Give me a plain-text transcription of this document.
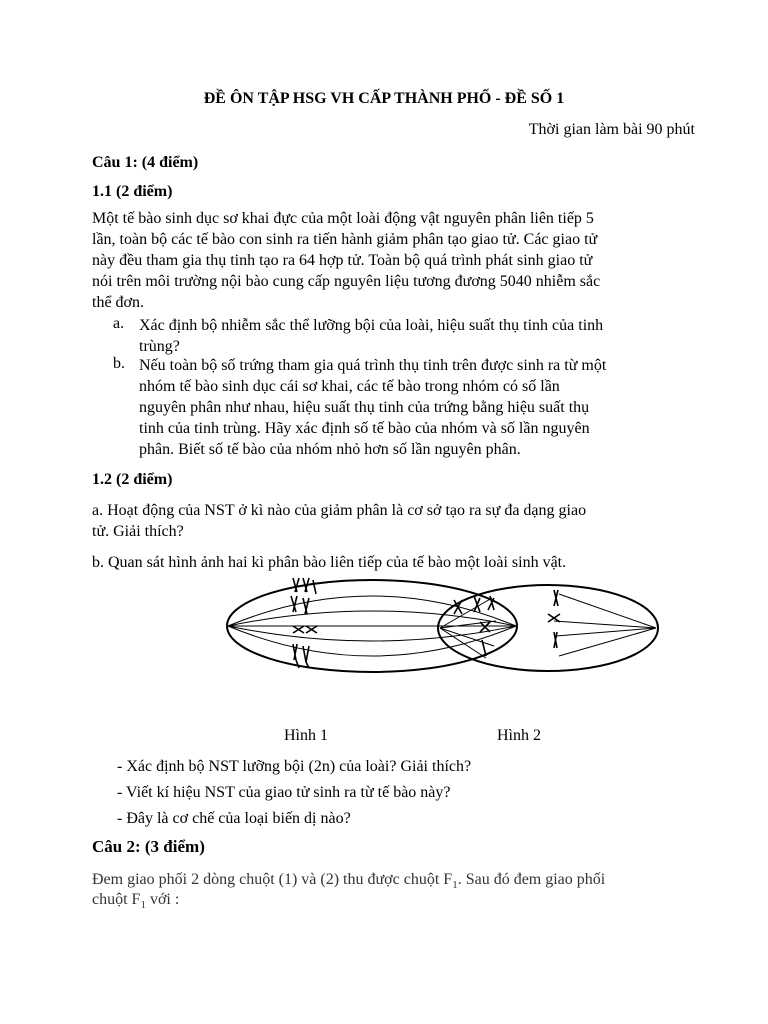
ĐỀ ÔN TẬP HSG VH CẤP THÀNH PHỐ - ĐỀ SỐ 1
Thời gian làm bài 90 phút
Câu 1: (4 điểm)
1.1 (2 điểm)
Một tế bào sinh dục sơ khai đực của một loài động vật nguyên phân liên tiếp 5
lần, toàn bộ các tế bào con sinh ra tiến hành giảm phân tạo giao tử. Các giao tử
này đều tham gia thụ tinh tạo ra 64 hợp tử. Toàn bộ quá trình phát sinh giao tử
nói trên môi trường nội bào cung cấp nguyên liệu tương đương 5040 nhiễm sắc
thể đơn.
a. Xác định bộ nhiễm sắc thể lưỡng bội của loài, hiệu suất thụ tinh của tinh
trùng?
b. Nếu toàn bộ số trứng tham gia quá trình thụ tinh trên được sinh ra từ một
nhóm tế bào sinh dục cái sơ khai, các tế bào trong nhóm có số lần
nguyên phân như nhau, hiệu suất thụ tinh của trứng bằng hiệu suất thụ
tinh của tinh trùng. Hãy xác định số tế bào của nhóm và số lần nguyên
phân. Biết số tế bào của nhóm nhỏ hơn số lần nguyên phân.
1.2 (2 điểm)
a. Hoạt động của NST ở kì nào của giảm phân là cơ sở tạo ra sự đa dạng giao
tử. Giải thích?
b. Quan sát hình ảnh hai kì phân bào liên tiếp của tế bào một loài sinh vật.
Hình 1	Hình 2
- Xác định bộ NST lưỡng bội (2n) của loài? Giải thích?
- Viết kí hiệu NST của giao tử sinh ra từ tế bào này?
- Đây là cơ chế của loại biến dị nào?
Câu 2: (3 điểm)
Đem giao phối 2 dòng chuột (1) và (2) thu được chuột $F_1$. Sau đó đem giao phối
chuột $F_1$ với :
